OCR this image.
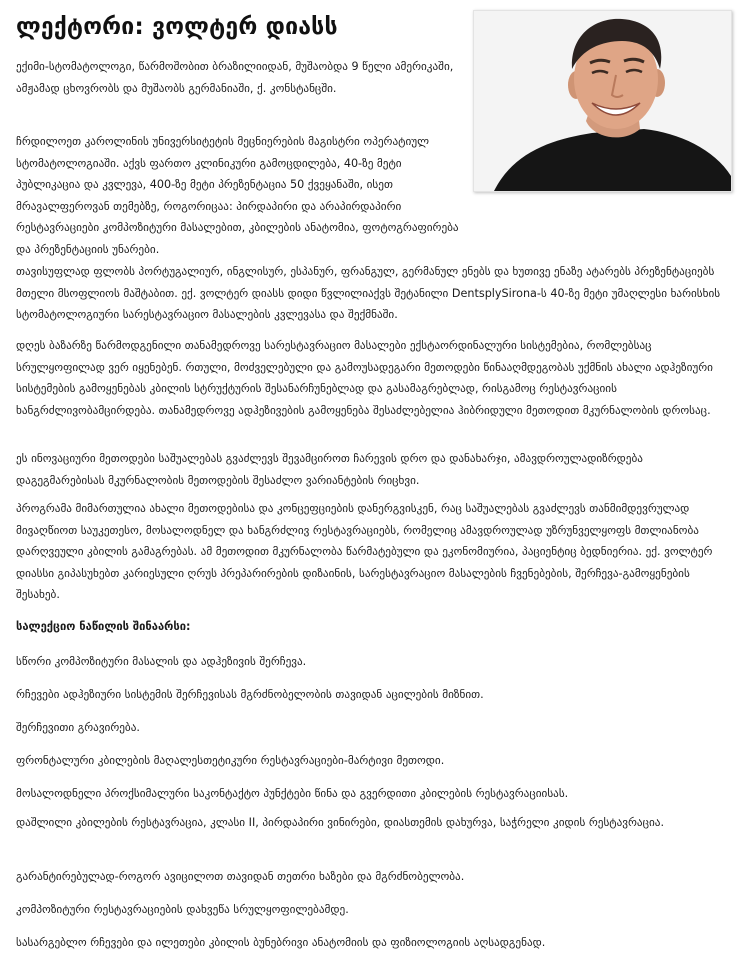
ლექტორი: ვოლტერ დიასს

ექიმი-სტომატოლოგი, წარმოშობით ბრაზილიიდან, მუშაობდა 9 წელი ამერიკაში, ამჟამად ცხოვრობს და მუშაობს გერმანიაში, ქ. კონსტანცში.

ჩრდილოეთ კაროლინის უნივერსიტეტის მეცნიერების მაგისტრი ოპერატიულ სტომატოლოგიაში. აქვს ფართო კლინიკური გამოცდილება, 40-ზე მეტი პუბლიკაცია და კვლევა, 400-ზე მეტი პრეზენტაცია 50 ქვეყანაში, ისეთ მრავალფეროვან თემებზე, როგორიცაა: პირდაპირი და არაპირდაპირი რესტავრაციები კომპოზიტური მასალებით, კბილების ანატომია, ფოტოგრაფირება და პრეზენტაციის უნარები.

თავისუფლად ფლობს პორტუგალიურ, ინგლისურ, ესპანურ, ფრანგულ, გერმანულ ენებს და ხუთივე ენაზე ატარებს პრეზენტაციებს მთელი მსოფლიოს მაშტაბით. ექ. ვოლტერ დიასს დიდი წვლილიაქვს შეტანილი DentsplySirona-ს 40-ზე მეტი უმაღლესი ხარისხის სტომატოლოგიური სარესტავრაციო მასალების კვლევასა და შექმნაში.

დღეს ბაზარზე წარმოდგენილი თანამედროვე სარესტავრაციო მასალები ექსტაორდინალური სისტემებია, რომლებსაც სრულყოფილად ვერ იყენებენ. რთული, მოძველებული და გამოუსადეგარი მეთოდები წინააღმდეგობას უქმნის ახალი ადჰეზიური სისტემების გამოყენებას კბილის სტრუქტურის შესანარჩუნებლად და გასამაგრებლად, რისგამოც რესტავრაციის ხანგრძლივობამცირდება. თანამედროვე ადჰეზივების გამოყენება შესაძლებელია ჰიბრიდული მეთოდით მკურნალობის დროსაც.

ეს ინოვაციური მეთოდები საშუალებას გვაძლევს შევამციროთ ჩარევის დრო და დანახარჯი, ამავდროულადიზრდება დაგეგმარებისას მკურნალობის მეთოდების შესაძლო ვარიანტების რიცხვი.

პროგრამა მიმართულია ახალი მეთოდებისა და კონცეფციების დანერგვისკენ, რაც საშუალებას გვაძლევს თანმიმდევრულად მივაღწიოთ საუკეთესო, მოსალოდნელ და ხანგრძლივ რესტავრაციებს, რომელიც ამავდროულად უზრუნველყოფს მთლიანობა დარღვეული კბილის გამაგრებას. ამ მეთოდით მკურნალობა წარმატებული და ეკონომიურია, პაციენტიც ბედნიერია. ექ. ვოლტერ დიასსი გიპასუხებთ კარიესული ღრუს პრეპარირების დიზაინის, სარესტავრაციო მასალების ჩვენებების, შერჩევა-გამოყენების შესახებ.

სალექციო ნაწილის შინაარსი:

სწორი კომპოზიტური მასალის და ადჰეზივის შერჩევა.

რჩევები ადჰეზიური სისტემის შერჩევისას მგრძნობელობის თავიდან აცილების მიზნით.

შერჩევითი გრავირება.

ფრონტალური კბილების მაღალესთეტიკური რესტავრაციები-მარტივი მეთოდი.

მოსალოდნელი პროქსიმალური საკონტაქტო პუნქტები წინა და გვერდითი კბილების რესტავრაციისას.

დაშლილი კბილების რესტავრაცია, კლასი II, პირდაპირი ვინირები, დიასთემის დახურვა, საჭრელი კიდის რესტავრაცია.

გარანტირებულად-როგორ ავიცილოთ თავიდან თეთრი ხაზები და მგრძნობელობა.

კომპოზიტური რესტავრაციების დახვეწა სრულყოფილებამდე.

სასარგებლო რჩევები და ილეთები კბილის ბუნებრივი ანატომიის და ფიზიოლოგიის აღსადგენად.
